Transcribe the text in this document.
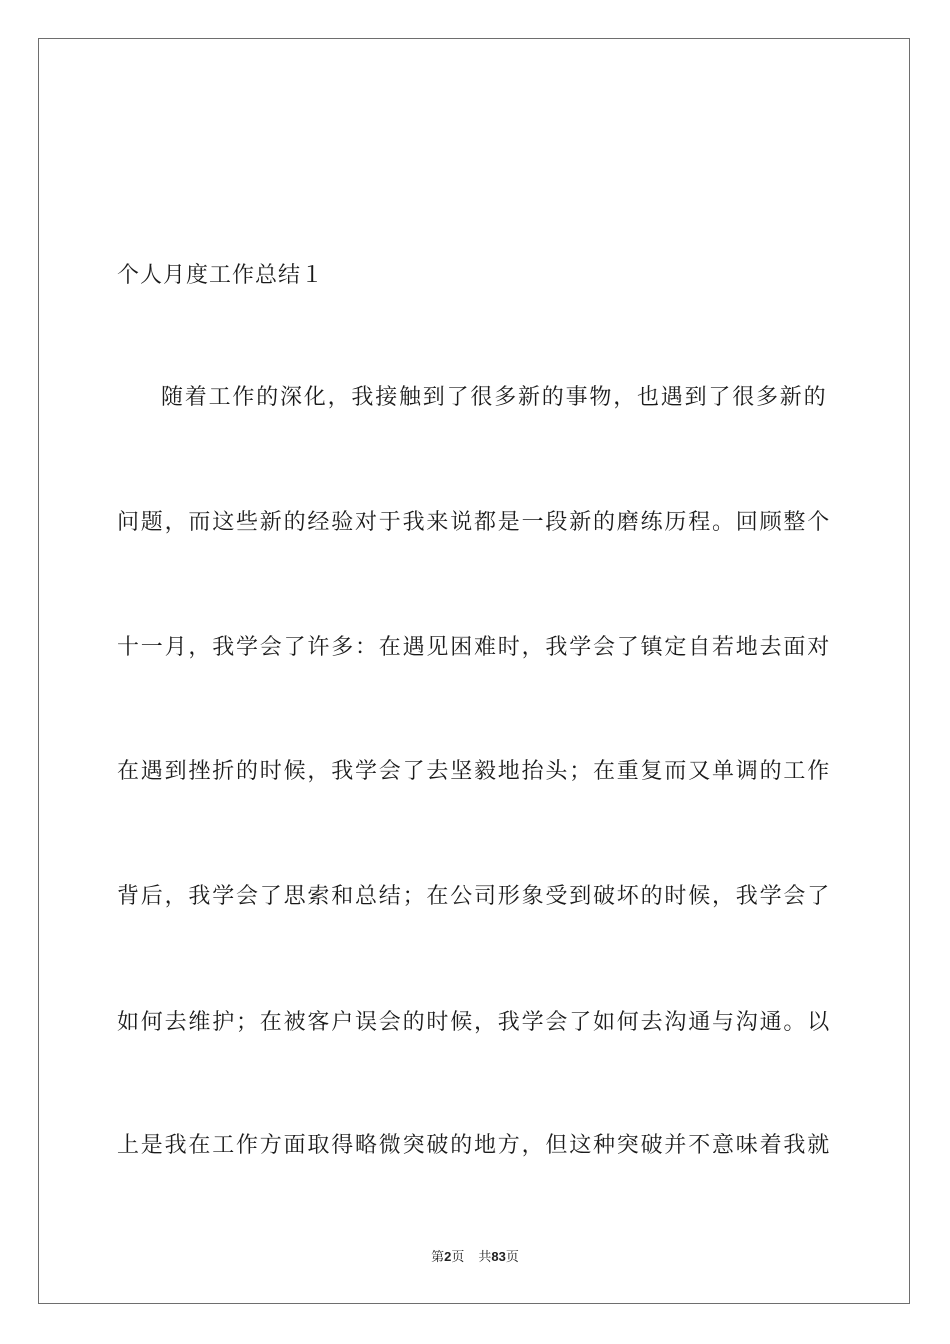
个人月度工作总结１
随着工作的深化，我接触到了很多新的事物，也遇到了很多新的
问题，而这些新的经验对于我来说都是一段新的磨练历程。回顾整个
十一月，我学会了许多：在遇见困难时，我学会了镇定自若地去面对
在遇到挫折的时候，我学会了去坚毅地抬头；在重复而又单调的工作
背后，我学会了思索和总结；在公司形象受到破坏的时候，我学会了
如何去维护；在被客户误会的时候，我学会了如何去沟通与沟通。以
上是我在工作方面取得略微突破的地方，但这种突破并不意味着我就
第2页 共83页
